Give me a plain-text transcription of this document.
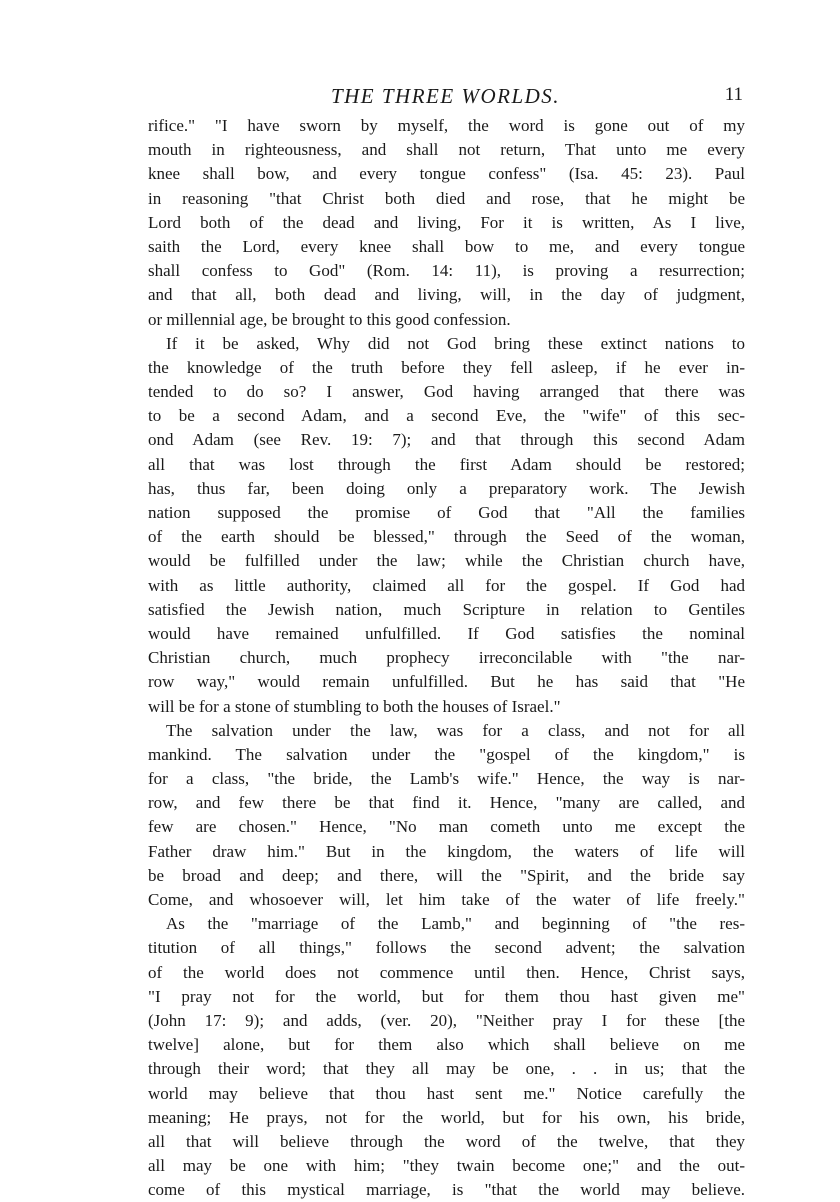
THE THREE WORLDS.	11
rifice." "I have sworn by myself, the word is gone out of my
mouth in righteousness, and shall not return, That unto me every
knee shall bow, and every tongue confess" (Isa. 45: 23). Paul
in reasoning "that Christ both died and rose, that he might be
Lord both of the dead and living, For it is written, As I live,
saith the Lord, every knee shall bow to me, and every tongue
shall confess to God" (Rom. 14: 11), is proving a resurrection;
and that all, both dead and living, will, in the day of judgment,
or millennial age, be brought to this good confession.
If it be asked, Why did not God bring these extinct nations to
the knowledge of the truth before they fell asleep, if he ever in-
tended to do so? I answer, God having arranged that there was
to be a second Adam, and a second Eve, the "wife" of this sec-
ond Adam (see Rev. 19: 7); and that through this second Adam
all that was lost through the first Adam should be restored;
has, thus far, been doing only a preparatory work. The Jewish
nation supposed the promise of God that "All the families
of the earth should be blessed," through the Seed of the woman,
would be fulfilled under the law; while the Christian church have,
with as little authority, claimed all for the gospel. If God had
satisfied the Jewish nation, much Scripture in relation to Gentiles
would have remained unfulfilled. If God satisfies the nominal
Christian church, much prophecy irreconcilable with "the nar-
row way," would remain unfulfilled. But he has said that "He
will be for a stone of stumbling to both the houses of Israel."
The salvation under the law, was for a class, and not for all
mankind. The salvation under the "gospel of the kingdom," is
for a class, "the bride, the Lamb's wife." Hence, the way is nar-
row, and few there be that find it. Hence, "many are called, and
few are chosen." Hence, "No man cometh unto me except the
Father draw him." But in the kingdom, the waters of life will
be broad and deep; and there, will the "Spirit, and the bride say
Come, and whosoever will, let him take of the water of life freely."
As the "marriage of the Lamb," and beginning of "the res-
titution of all things," follows the second advent; the salvation
of the world does not commence until then. Hence, Christ says,
"I pray not for the world, but for them thou hast given me"
(John 17: 9); and adds, (ver. 20), "Neither pray I for these [the
twelve] alone, but for them also which shall believe on me
through their word; that they all may be one, . . in us; that the
world may believe that thou hast sent me." Notice carefully the
meaning; He prays, not for the world, but for his own, his bride,
all that will believe through the word of the twelve, that they
all may be one with him; "they twain become one;" and the out-
come of this mystical marriage, is "that the world may believe.
